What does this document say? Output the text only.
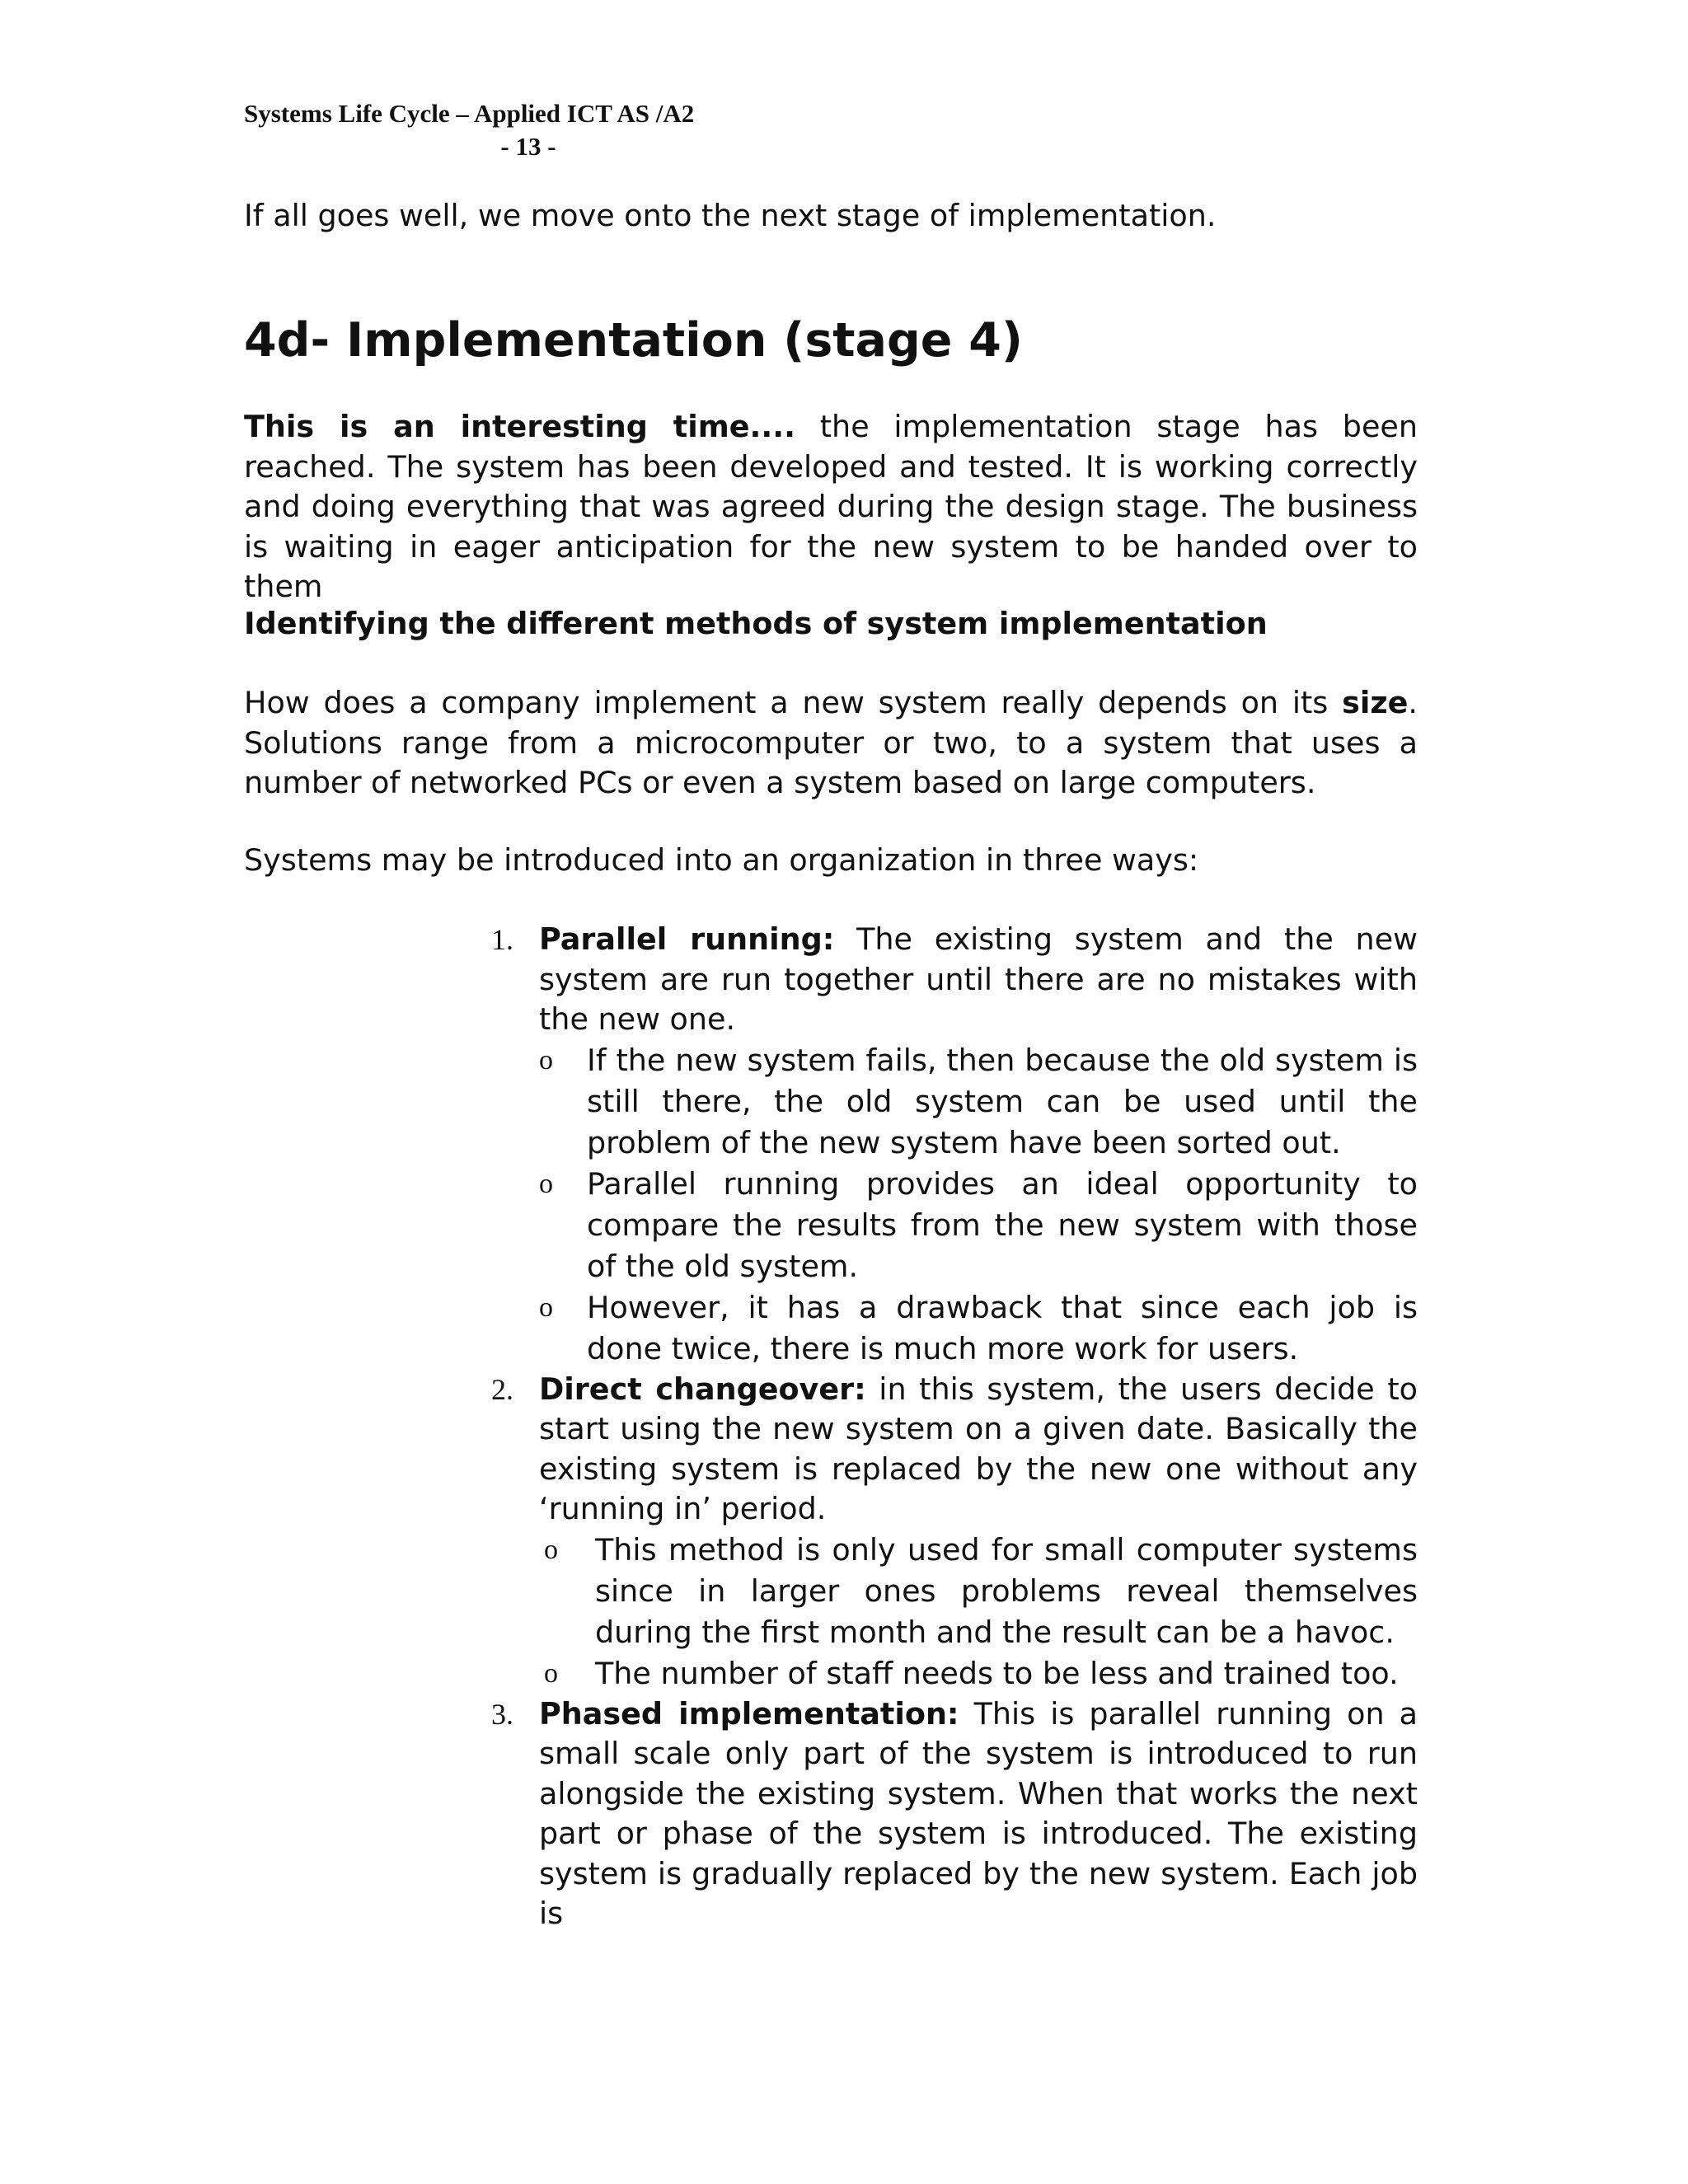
Systems Life Cycle – Applied ICT AS /A2
- 13 -

If all goes well, we move onto the next stage of implementation.

4d- Implementation (stage 4)

This is an interesting time.... the implementation stage has been reached. The system has been developed and tested. It is working correctly and doing everything that was agreed during the design stage. The business is waiting in eager anticipation for the new system to be handed over to them

Identifying the different methods of system implementation

How does a company implement a new system really depends on its size. Solutions range from a microcomputer or two, to a system that uses a number of networked PCs or even a system based on large computers.

Systems may be introduced into an organization in three ways:

1. Parallel running: The existing system and the new system are run together until there are no mistakes with the new one.
o If the new system fails, then because the old system is still there, the old system can be used until the problem of the new system have been sorted out.
o Parallel running provides an ideal opportunity to compare the results from the new system with those of the old system.
o However, it has a drawback that since each job is done twice, there is much more work for users.
2. Direct changeover: in this system, the users decide to start using the new system on a given date. Basically the existing system is replaced by the new one without any ‘running in’ period.
o This method is only used for small computer systems since in larger ones problems reveal themselves during the first month and the result can be a havoc.
o The number of staff needs to be less and trained too.
3. Phased implementation: This is parallel running on a small scale only part of the system is introduced to run alongside the existing system. When that works the next part or phase of the system is introduced. The existing system is gradually replaced by the new system. Each job is
